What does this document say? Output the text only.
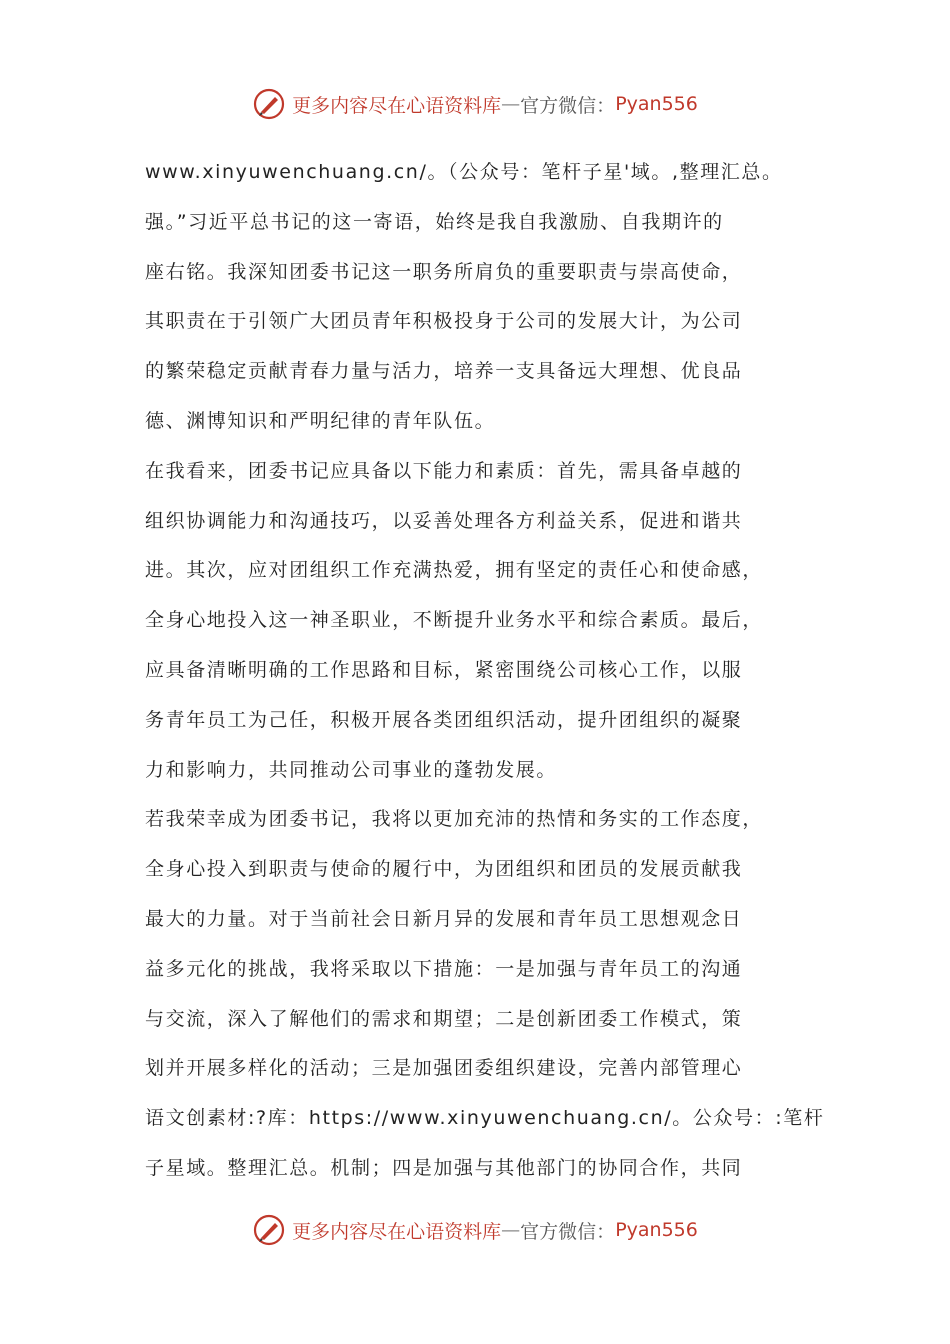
更多内容尽在心语资料库 — 官方微信： Pyan556
www.xinyuwenchuang.cn/。（公众号：笔杆子星'域。,整理汇总。
强。”习近平总书记的这一寄语，始终是我自我激励、自我期许的
座右铭。我深知团委书记这一职务所肩负的重要职责与崇高使命，
其职责在于引领广大团员青年积极投身于公司的发展大计，为公司
的繁荣稳定贡献青春力量与活力，培养一支具备远大理想、优良品
德、渊博知识和严明纪律的青年队伍。
在我看来，团委书记应具备以下能力和素质：首先，需具备卓越的
组织协调能力和沟通技巧，以妥善处理各方利益关系，促进和谐共
进。其次，应对团组织工作充满热爱，拥有坚定的责任心和使命感，
全身心地投入这一神圣职业，不断提升业务水平和综合素质。最后，
应具备清晰明确的工作思路和目标，紧密围绕公司核心工作，以服
务青年员工为己任，积极开展各类团组织活动，提升团组织的凝聚
力和影响力，共同推动公司事业的蓬勃发展。
若我荣幸成为团委书记，我将以更加充沛的热情和务实的工作态度，
全身心投入到职责与使命的履行中，为团组织和团员的发展贡献我
最大的力量。对于当前社会日新月异的发展和青年员工思想观念日
益多元化的挑战，我将采取以下措施：一是加强与青年员工的沟通
与交流，深入了解他们的需求和期望；二是创新团委工作模式，策
划并开展多样化的活动；三是加强团委组织建设，完善内部管理心
语文创素材:?库：https://www.xinyuwenchuang.cn/。公众号：:笔杆
子星域。整理汇总。机制；四是加强与其他部门的协同合作，共同
更多内容尽在心语资料库 — 官方微信： Pyan556
